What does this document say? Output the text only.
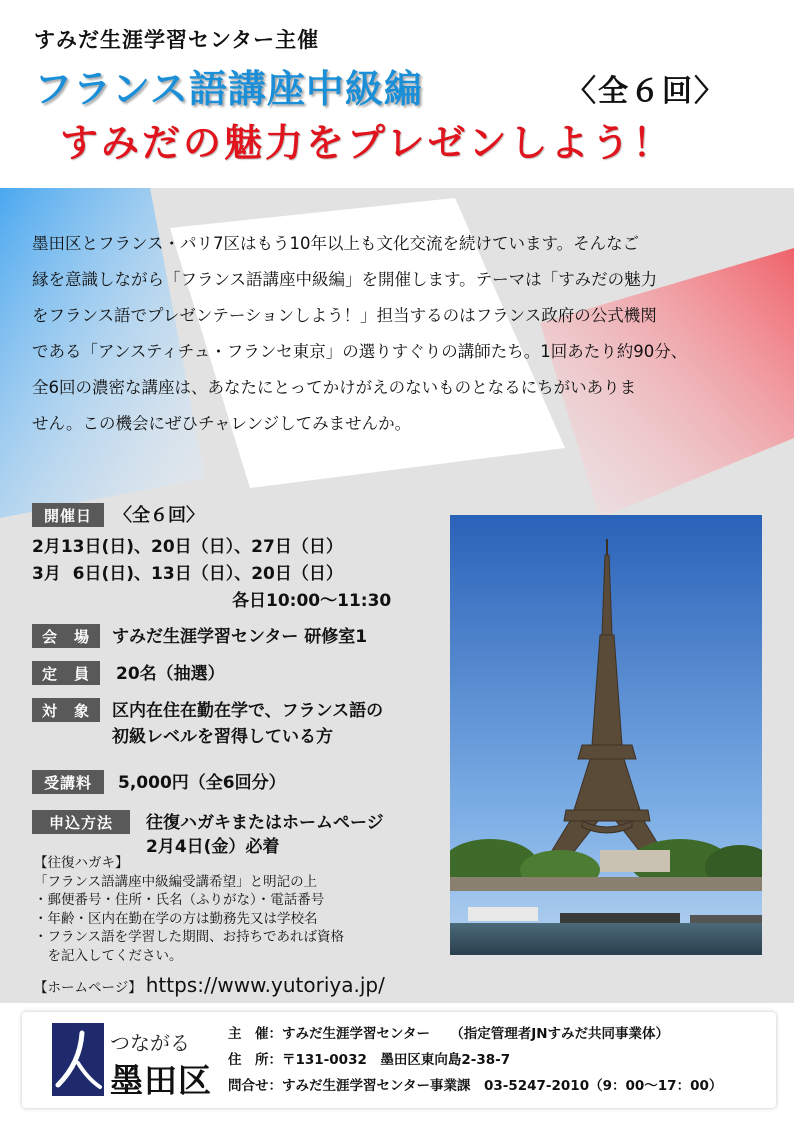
すみだ生涯学習センター主催
フランス語講座中級編	〈全６回〉
すみだの魅力をプレゼンしよう！
墨田区とフランス・パリ7区はもう10年以上も文化交流を続けています。そんなご
縁を意識しながら「フランス語講座中級編」を開催します。テーマは「すみだの魅力
をフランス語でプレゼンテーションしよう！」担当するのはフランス政府の公式機関
である「アンスティチュ・フランセ東京」の選りすぐりの講師たち。1回あたり約90分、
全6回の濃密な講座は、あなたにとってかけがえのないものとなるにちがいありま
せん。この機会にぜひチャレンジしてみませんか。
開催日	〈全６回〉
2月13日(日)、20日（日）、27日（日）
3月  6日(日)、13日（日）、20日（日）
各日10:00～11:30
会　場	すみだ生涯学習センター 研修室1
定　員	20名（抽選）
対　象	区内在住在勤在学で、フランス語の
初級レベルを習得している方
受講料	5,000円（全6回分）
申込方法	往復ハガキまたはホームページ
2月4日(金）必着
【往復ハガキ】
「フランス語講座中級編受講希望」と明記の上
・郵便番号・住所・氏名（ふりがな）・電話番号
・年齢・区内在勤在学の方は勤務先又は学校名
・フランス語を学習した期間、お持ちであれば資格
　を記入してください。
【ホームページ】 https://www.yutoriya.jp/
つながる
墨田区
主　催：すみだ生涯学習センター　　（指定管理者JNすみだ共同事業体）
住　所：〒131-0032　墨田区東向島2-38-7
問合せ：すみだ生涯学習センター事業課　03-5247-2010（9：00～17：00）
